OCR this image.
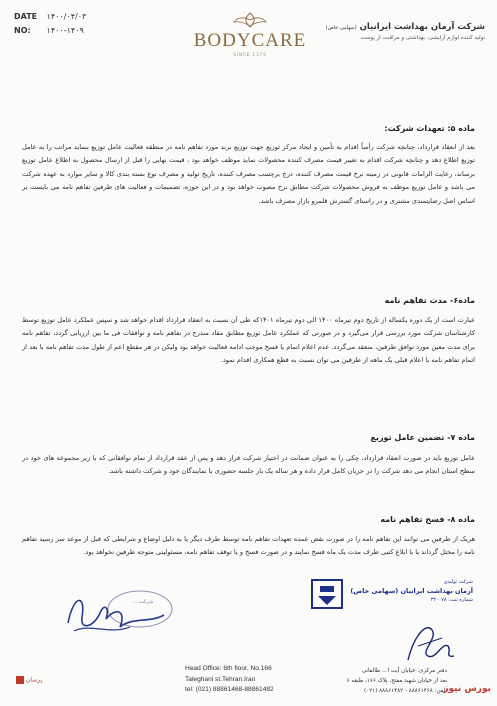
DATE ۱۴۰۰/۰۴/۰۳
NO: ۱۴۰۰-۱۴۰۹	BODYCARE
SINCE 1379
شرکت آرمان بهداشت ایرانیان (سهامی خاص)
تولید کننده لوازم آرایشی، بهداشتی و مراقبت از پوست
ماده ۵: تعهدات شرکت:
بعد از انعقاد قرارداد، چنانچه شرکت رأساً اقدام به تأمین و ایجاد مرکز توزیع جهت توزیع برند مورد تفاهم نامه در منطقه فعالیت عامل توزیع بنماید مراتب را به عامل توزیع اطلاع دهد و چنانچه شرکت اقدام به تغییر قیمت مصرف کننده محصولات نماید موظف خواهد بود ، قیمت نهایی را قبل از ارسال محصول به اطلاع عامل توزیع برساند، رعایت الزامات قانونی در زمینه نرخ قیمت مصرف کننده، درج برچسب مصرف کننده، تاریخ تولید و مصرف نوع بسته بندی کالا و سایر موارد به عهده شرکت می باشد و عامل توزیع موظف به فروش محصولات شرکت مطابق نرخ مصوب خواهد بود و در این حوزه، تصمیمات و فعالیت های طرفین تفاهم نامه می بایست بر اساس اصل رضایتمندی مشتری و در راستای گسترش قلمرو بازار مصرف باشد.
ماده۶- مدت تفاهم نامه
عبارت است از یک دوره یکساله از تاریخ دوم تیرماه ۱۴۰۰ الی دوم تیرماه ۱۴۰۱که طی آن نسبت به انعقاد قرارداد اقدام خواهد شد و سپس عملکرد عامل توزیع توسط کارشناسان شرکت مورد بررسی قرار می‌گیرد و در صورتی که عملکرد عامل توزیع مطابق مفاد مندرج در تفاهم نامه و توافقات فی ما بین ارزیابی گردد، تفاهم نامه برای مدت معین مورد توافق طرفین، منعقد می‌گردد. عدم اعلام اتمام یا فسخ موجب ادامه فعالیت خواهد بود ولیکن در هر مقطع اعم از طول مدت تفاهم نامه یا بعد از اتمام تفاهم نامه با اعلام قبلی یک ماهه از طرفین می توان نسبت به قطع همکاری اقدام نمود.
ماده ۷- تضمین عامل توزیع
عامل توزیع باید در صورت انعقاد قرارداد، چکی را به عنوان ضمانت در اختیار شرکت قرار دهد و پس از عقد قرارداد از تمام توافقاتی که با زیر مجموعه های خود در سطح استان انجام می دهد شرکت را در جریان کامل قرار داده و هر ساله یک بار جلسه حضوری با نمایندگان خود و شرکت داشته باشد.
ماده ۸- فسخ تفاهم نامه
هریک از طرفین می توانند این تفاهم نامه را در صورت نقض عمده تعهدات تفاهم نامه توسط طرف دیگر یا به دلیل اوضاع و شرایطی که قبل از موعد سر رسید تفاهم نامه را مختل گرداند یا با ابلاغ کتبی طرف مدت یک ماه فسخ نمایند و در صورت فسخ و یا توقف تفاهم نامه، مسئولیتی متوجه طرفین نخواهد بود.
شرکت ...
شرکت تولیدی
آرمان بهداشت ایرانیان (سهامی خاص)
شماره ثبت: ۳۳۰۰۷۸
Head Office: 6th floor, No.166
Taleghani st.Tehran.Iran
tel: (021) 88861468-88861482
دفتر مرکزی: خیابان آیت ا... طالقانی
بعد از خیابان شهید مفتح، پلاک ۱۶۶، طبقه ۶
تلفن: ۸۸۸۶۱۴۶۸ - ۸۸۸۶۱۴۸۲ (۰۲۱)
پرسان
بورس نیوز
